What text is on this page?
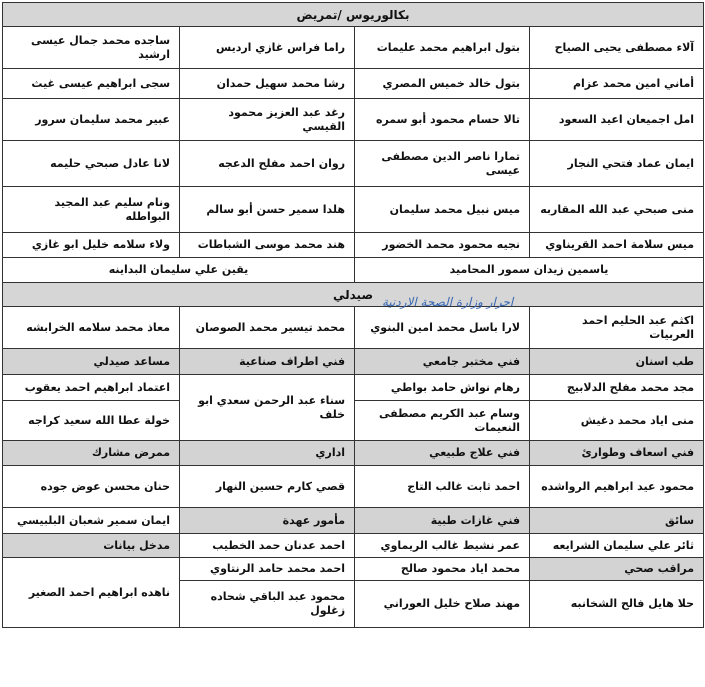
بكالوريوس /تمريض			
آلاء مصطفى يحيى الصياح	بتول ابراهيم محمد عليمات	راما فراس غازي ارديس	ساجده محمد جمال عيسى ارشيد
أماني امين محمد عزام	بتول خالد خميس المصري	رشا محمد سهيل حمدان	سجى ابراهيم عيسى غيث
امل اجميعان اعيد السعود	تالا حسام محمود أبو سمره	رغد عبد العزيز محمود القيسي	عبير محمد سليمان سرور
ايمان عماد فتحي النجار	تمارا ناصر الدين مصطفى عيسى	روان احمد مفلح الدعجه	لانا عادل صبحي حليمه
منى صبحي عبد الله المقاربه	ميس نبيل محمد سليمان	هلدا سمير حسن أبو سالم	ونام سليم عبد المجيد البواطله
ميس سلامة احمد القريناوي	نجيه محمود محمد الخضور	هند محمد موسى الشباطات	ولاء سلامه خليل ابو غازي
ياسمين زيدان سمور المحاميد		يقين علي سليمان البداينه	
صيدلي			
اكثم عبد الحليم احمد العربيات	لارا باسل محمد امين البنوي	محمد تيسير محمد الصوصان	معاذ محمد سلامه الخرابشه
طب اسنان	فني مختبر جامعي	فني اطراف صناعية	مساعد صيدلي
مجد محمد مفلح الدلابيج	رهام نواش حامد بواطي	سناء عبد الرحمن سعدي ابو خلف	اعتماد ابراهيم احمد يعقوب
منى اياد محمد دغيش	وسام عبد الكريم مصطفى النعيمات		خولة عطا الله سعيد كراجه
فني اسعاف وطوارئ	فني علاج طبيعي	اداري	ممرض مشارك
محمود عيد ابراهيم الرواشده	احمد ثابت غالب التاج	قصي كارم حسين النهار	حنان محسن عوض جوده
سائق	فني غازات طبية	مأمور عهدة	ايمان سمير شعبان البلبيسي
ثائر علي سليمان الشرايعه	عمر نشيط غالب الريماوي	احمد عدنان حمد الخطيب	مدخل بيانات
مراقب صحي	محمد اياد محمود صالح	احمد محمد حامد الرنتاوي	ناهده ابراهيم احمد الصغير
حلا هايل فالح الشخانبه	مهند صلاح خليل العوراني	محمود عبد الباقي شحاده زغلول	
احرار وزارة الصحة الاردنية
